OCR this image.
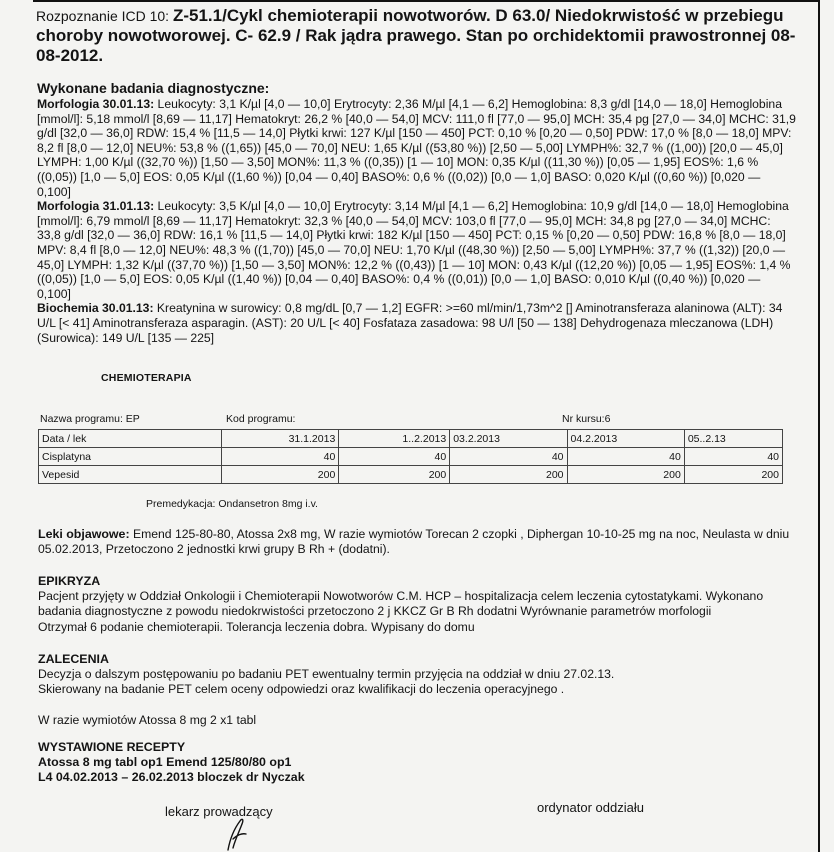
Rozpoznanie ICD 10: Z-51.1/Cykl chemioterapii nowotworów. D 63.0/ Niedokrwistość w przebiegu choroby nowotworowej. C- 62.9 / Rak jądra prawego. Stan po orchidektomii prawostronnej 08-08-2012.
Wykonane badania diagnostyczne:

Morfologia 30.01.13: Leukocyty: 3,1 K/µl [4,0 — 10,0] Erytrocyty: 2,36 M/µl [4,1 — 6,2] Hemoglobina: 8,3 g/dl [14,0 — 18,0] Hemoglobina [mmol/l]: 5,18 mmol/l [8,69 — 11,17] Hematokryt: 26,2 % [40,0 — 54,0] MCV: 111,0 fl [77,0 — 95,0] MCH: 35,4 pg [27,0 — 34,0] MCHC: 31,9 g/dl [32,0 — 36,0] RDW: 15,4 % [11,5 — 14,0] Płytki krwi: 127 K/µl [150 — 450] PCT: 0,10 % [0,20 — 0,50] PDW: 17,0 % [8,0 — 18,0] MPV: 8,2 fl [8,0 — 12,0] NEU%: 53,8 % ((1,65)) [45,0 — 70,0] NEU: 1,65 K/µl ((53,80 %)) [2,50 — 5,00] LYMPH%: 32,7 % ((1,00)) [20,0 — 45,0] LYMPH: 1,00 K/µl ((32,70 %)) [1,50 — 3,50] MON%: 11,3 % ((0,35)) [1 — 10] MON: 0,35 K/µl ((11,30 %)) [0,05 — 1,95] EOS%: 1,6 % ((0,05)) [1,0 — 5,0] EOS: 0,05 K/µl ((1,60 %)) [0,04 — 0,40] BASO%: 0,6 % ((0,02)) [0,0 — 1,0] BASO: 0,020 K/µl ((0,60 %)) [0,020 — 0,100]

Morfologia 31.01.13: Leukocyty: 3,5 K/µl [4,0 — 10,0] Erytrocyty: 3,14 M/µl [4,1 — 6,2] Hemoglobina: 10,9 g/dl [14,0 — 18,0] Hemoglobina [mmol/l]: 6,79 mmol/l [8,69 — 11,17] Hematokryt: 32,3 % [40,0 — 54,0] MCV: 103,0 fl [77,0 — 95,0] MCH: 34,8 pg [27,0 — 34,0] MCHC: 33,8 g/dl [32,0 — 36,0] RDW: 16,1 % [11,5 — 14,0] Płytki krwi: 182 K/µl [150 — 450] PCT: 0,15 % [0,20 — 0,50] PDW: 16,8 % [8,0 — 18,0] MPV: 8,4 fl [8,0 — 12,0] NEU%: 48,3 % ((1,70)) [45,0 — 70,0] NEU: 1,70 K/µl ((48,30 %)) [2,50 — 5,00] LYMPH%: 37,7 % ((1,32)) [20,0 — 45,0] LYMPH: 1,32 K/µl ((37,70 %)) [1,50 — 3,50] MON%: 12,2 % ((0,43)) [1 — 10] MON: 0,43 K/µl ((12,20 %)) [0,05 — 1,95] EOS%: 1,4 % ((0,05)) [1,0 — 5,0] EOS: 0,05 K/µl ((1,40 %)) [0,04 — 0,40] BASO%: 0,4 % ((0,01)) [0,0 — 1,0] BASO: 0,010 K/µl ((0,40 %)) [0,020 — 0,100]

Biochemia 30.01.13: Kreatynina w surowicy: 0,8 mg/dL [0,7 — 1,2] EGFR: >=60 ml/min/1,73m^2 [] Aminotransferaza alaninowa (ALT): 34 U/L [< 41] Aminotransferaza asparagin. (AST): 20 U/L [< 40] Fosfataza zasadowa: 98 U/l [50 — 138] Dehydrogenaza mleczanowa (LDH) (Surowica): 149 U/L [135 — 225]

CHEMIOTERAPIA
Nazwa programu: EP	Kod programu:	Nr kursu:6
Data / lek	31.1.2013	1..2.2013	03.2.2013	04.2.2013	05..2.13
Cisplatyna	40	40	40	40	40
Vepesid	200	200	200	200	200
Premedykacja: Ondansetron 8mg i.v.
Leki objawowe: Emend 125-80-80, Atossa 2x8 mg, W razie wymiotów Torecan 2 czopki , Diphergan 10-10-25 mg na noc, Neulasta w dniu 05.02.2013, Przetoczono 2 jednostki krwi grupy B Rh + (dodatni).
EPIKRYZA
Pacjent przyjęty w Oddział Onkologii i Chemioterapii Nowotworów C.M. HCP – hospitalizacja celem leczenia cytostatykami. Wykonano
badania diagnostyczne z powodu niedokrwistości przetoczono 2 j KKCZ Gr B Rh dodatni Wyrównanie parametrów morfologii
Otrzymał 6 podanie chemioterapii. Tolerancja leczenia dobra. Wypisany do domu
ZALECENIA
Decyzja o dalszym postępowaniu po badaniu PET ewentualny termin przyjęcia na oddział w dniu 27.02.13.
Skierowany na badanie PET celem oceny odpowiedzi oraz kwalifikacji do leczenia operacyjnego .
W razie wymiotów Atossa 8 mg 2 x1 tabl
WYSTAWIONE RECEPTY
Atossa 8 mg tabl op1 Emend 125/80/80 op1
L4 04.02.2013 – 26.02.2013 bloczek dr Nyczak
lekarz prowadzący	ordynator oddziału
